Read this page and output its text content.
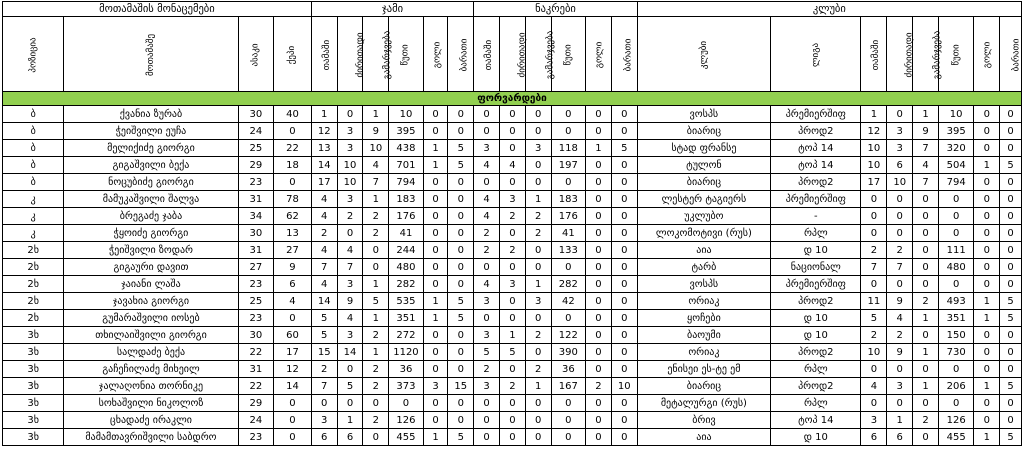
მოთამაშის მონაცემები				ჯამი						ნაკრები						კლუბი							
პოზიცია	მოთამაშე	ასაკი	ქეპი	თამაში	ძირითადი	გამარჯვება	წუთი	გოლი	ბარათი	თამაში	ძირითადი	გამარჯვება	წუთი	გოლი	ბარათი	კლუბი	ლიგა	თამაში	ძირითადი	გამარჯვება	წუთი	გოლი	ბარათი
ფორვარდები																							
ბ	ქვანია ზურაბ	30	40	1	0	1	10	0	0	0	0	0	0	0	0	ვოსპს	პრემიერშიფ	1	0	1	10	0	0
ბ	ჭეიშვილი ეუჩა	24	0	12	3	9	395	0	0	0	0	0	0	0	0	ბიარიც	პროდ2	12	3	9	395	0	0
ბ	მელიქიძე გიორგი	25	22	13	3	10	438	1	5	3	0	3	118	1	5	სტად ფრანსე	ტოპ 14	10	3	7	320	0	0
ბ	გიგაშვილი ბექა	29	18	14	10	4	701	1	5	4	4	0	197	0	0	ტულონ	ტოპ 14	10	6	4	504	1	5
ბ	ნოცუბიძე გიორგი	23	0	17	10	7	794	0	0	0	0	0	0	0	0	ბიარიც	პროდ2	17	10	7	794	0	0
კ	მამუკაშვილი შალვა	31	78	4	3	1	183	0	0	4	3	1	183	0	0	ლესტერ ტაგიერს	პრემიერშიფ	0	0	0	0	0	0
კ	ბრეგაძე ჯაბა	34	62	4	2	2	176	0	0	4	2	2	176	0	0	უკლუბო	-	0	0	0	0	0	0
კ	ჭყოიძე გიორგი	30	13	2	0	2	41	0	0	2	0	2	41	0	0	ლოკომოტივი (რუს)	რპლ	0	0	0	0	0	0
2ხ	ჭეიშვილი ზოდარ	31	27	4	4	0	244	0	0	2	2	0	133	0	0	აია	დ 10	2	2	0	111	0	0
2ხ	გიგაური დავით	27	9	7	7	0	480	0	0	0	0	0	0	0	0	ტარბ	ნაციონალ	7	7	0	480	0	0
2ხ	ჯაიანი ლაშა	23	6	4	3	1	282	0	0	4	3	1	282	0	0	ვოსპს	პრემიერშიფ	0	0	0	0	0	0
2ხ	ჯავახია გიორგი	25	4	14	9	5	535	1	5	3	0	3	42	0	0	ორიაკ	პროდ2	11	9	2	493	1	5
2ხ	გუმარაშვილი იოსებ	23	0	5	4	1	351	1	5	0	0	0	0	0	0	ყოჩები	დ 10	5	4	1	351	1	5
3ხ	თხილაიშვილი გიორგი	30	60	5	3	2	272	0	0	3	1	2	122	0	0	ბაოუმი	დ 10	2	2	0	150	0	0
3ხ	სალდაძე ბექა	22	17	15	14	1	1120	0	0	5	5	0	390	0	0	ორიაკ	პროდ2	10	9	1	730	0	0
3ხ	გაჩეჩილაძე მიხეილ	31	12	2	0	2	36	0	0	2	0	2	36	0	0	ენისეი ეს-ტე ემ	რპლ	0	0	0	0	0	0
3ხ	ჯალაღონია თორნიკე	22	14	7	5	2	373	3	15	3	2	1	167	2	10	ბიარიც	პროდ2	4	3	1	206	1	5
3ხ	სოხაშვილი ნიკოლოზ	29	0	0	0	0	0	0	0	0	0	0	0	0	0	მეტალურგი (რუს)	რპლ	0	0	0	0	0	0
3ხ	ცხადაძე ირაკლი	24	0	3	1	2	126	0	0	0	0	0	0	0	0	ბრივ	ტოპ 14	3	1	2	126	0	0
3ხ	მამამთავრიშვილი საბდრო	23	0	6	6	0	455	1	5	0	0	0	0	0	0	აია	დ 10	6	6	0	455	1	5
